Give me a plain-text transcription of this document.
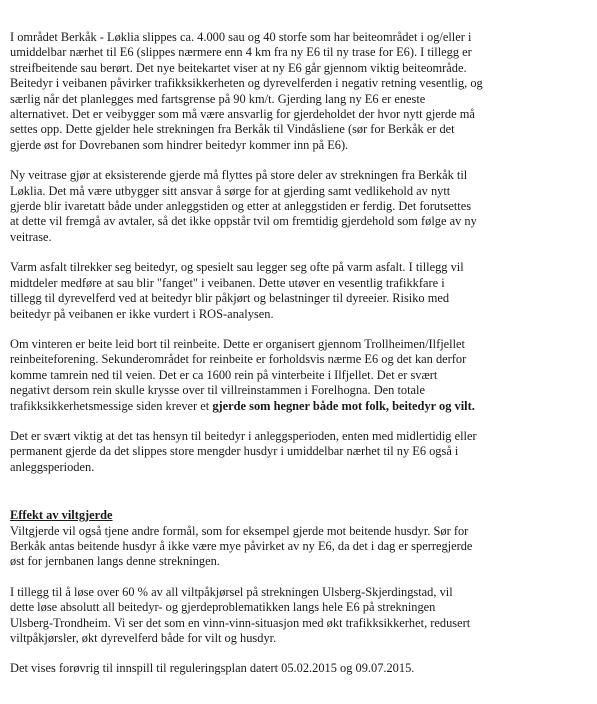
I området Berkåk - Løklia slippes ca. 4.000 sau og 40 storfe som har beiteområdet i og/eller i
umiddelbar nærhet til E6 (slippes nærmere enn 4 km fra ny E6 til ny trase for E6). I tillegg er
streifbeitende sau berørt. Det nye beitekartet viser at ny E6 går gjennom viktig beiteområde.
Beitedyr i veibanen påvirker trafikksikkerheten og dyrevelferden i negativ retning vesentlig, og
særlig når det planlegges med fartsgrense på 90 km/t. Gjerding lang ny E6 er eneste
alternativet. Det er veibygger som må være ansvarlig for gjerdeholdet der hvor nytt gjerde må
settes opp. Dette gjelder hele strekningen fra Berkåk til Vindåsliene (sør for Berkåk er det
gjerde øst for Dovrebanen som hindrer beitedyr kommer inn på E6).

Ny veitrase gjør at eksisterende gjerde må flyttes på store deler av strekningen fra Berkåk til
Løklia. Det må være utbygger sitt ansvar å sørge for at gjerding samt vedlikehold av nytt
gjerde blir ivaretatt både under anleggstiden og etter at anleggstiden er ferdig. Det forutsettes
at dette vil fremgå av avtaler, så det ikke oppstår tvil om fremtidig gjerdehold som følge av ny
veitrase.

Varm asfalt tilrekker seg beitedyr, og spesielt sau legger seg ofte på varm asfalt. I tillegg vil
midtdeler medføre at sau blir "fanget" i veibanen. Dette utøver en vesentlig trafikkfare i
tillegg til dyrevelferd ved at beitedyr blir påkjørt og belastninger til dyreeier. Risiko med
beitedyr på veibanen er ikke vurdert i ROS-analysen.

Om vinteren er beite leid bort til reinbeite. Dette er organisert gjennom Trollheimen/Ilfjellet
reinbeiteforening. Sekunderområdet for reinbeite er forholdsvis nærme E6 og det kan derfor
komme tamrein ned til veien. Det er ca 1600 rein på vinterbeite i Ilfjellet. Det er svært
negativt dersom rein skulle krysse over til villreinstammen i Forelhogna. Den totale
trafikksikkerhetsmessige siden krever et gjerde som hegner både mot folk, beitedyr og vilt.

Det er svært viktig at det tas hensyn til beitedyr i anleggsperioden, enten med midlertidig eller
permanent gjerde da det slippes store mengder husdyr i umiddelbar nærhet til ny E6 også i
anleggsperioden.

Effekt av viltgjerde

Viltgjerde vil også tjene andre formål, som for eksempel gjerde mot beitende husdyr. Sør for
Berkåk antas beitende husdyr å ikke være mye påvirket av ny E6, da det i dag er sperregjerde
øst for jernbanen langs denne strekningen.

I tillegg til å løse over 60 % av all viltpåkjørsel på strekningen Ulsberg-Skjerdingstad, vil
dette løse absolutt all beitedyr- og gjerdeproblematikken langs hele E6 på strekningen
Ulsberg-Trondheim. Vi ser det som en vinn-vinn-situasjon med økt trafikksikkerhet, redusert
viltpåkjørsler, økt dyrevelferd både for vilt og husdyr.

Det vises forøvrig til innspill til reguleringsplan datert 05.02.2015 og 09.07.2015.
